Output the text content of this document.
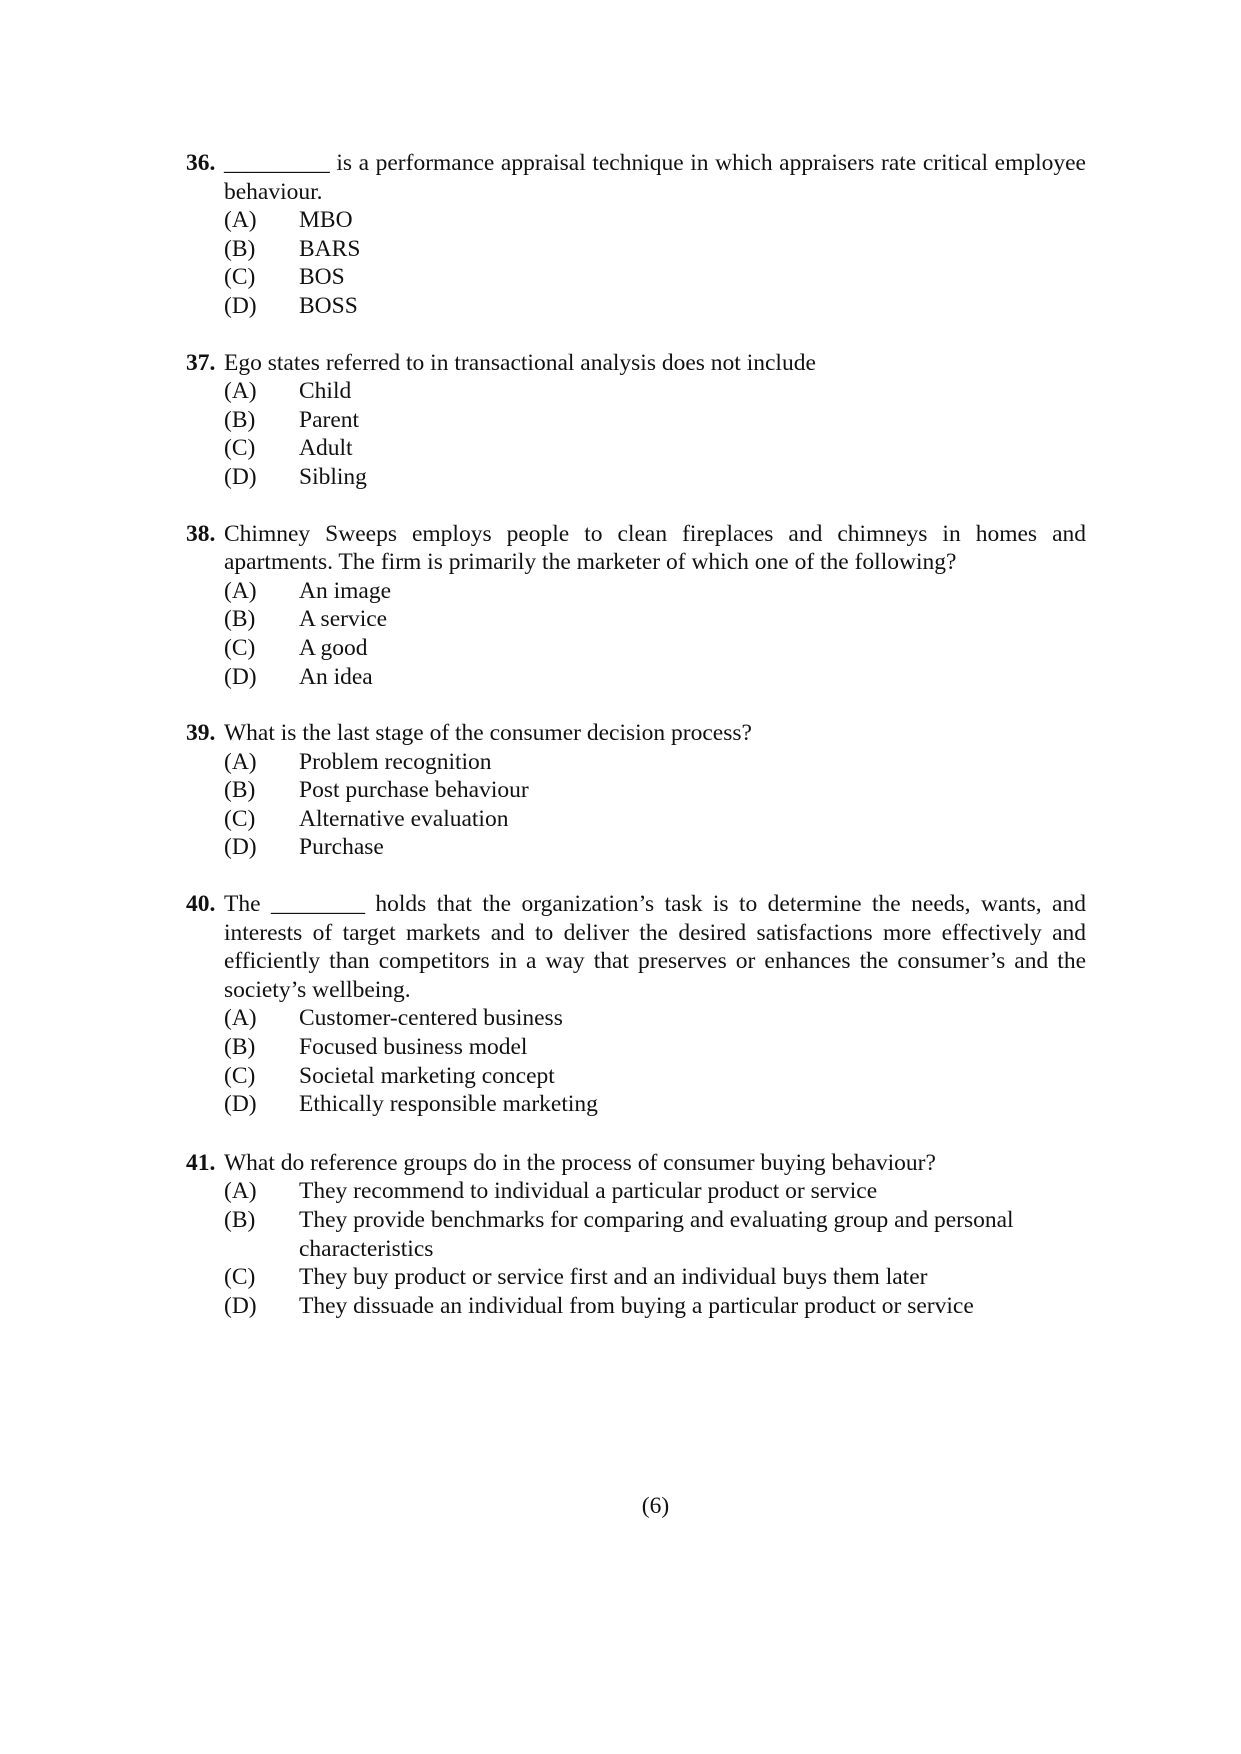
36. _________ is a performance appraisal technique in which appraisers rate critical employee behaviour.
(A)	MBO
(B)	BARS
(C)	BOS
(D)	BOSS
37. Ego states referred to in transactional analysis does not include
(A)	Child
(B)	Parent
(C)	Adult
(D)	Sibling
38. Chimney Sweeps employs people to clean fireplaces and chimneys in homes and apartments. The firm is primarily the marketer of which one of the following?
(A)	An image
(B)	A service
(C)	A good
(D)	An idea
39. What is the last stage of the consumer decision process?
(A)	Problem recognition
(B)	Post purchase behaviour
(C)	Alternative evaluation
(D)	Purchase
40. The ________ holds that the organization’s task is to determine the needs, wants, and interests of target markets and to deliver the desired satisfactions more effectively and efficiently than competitors in a way that preserves or enhances the consumer’s and the society’s wellbeing.
(A)	Customer-centered business
(B)	Focused business model
(C)	Societal marketing concept
(D)	Ethically responsible marketing
41. What do reference groups do in the process of consumer buying behaviour?
(A)	They recommend to individual a particular product or service
(B)	They provide benchmarks for comparing and evaluating group and personal characteristics
(C)	They buy product or service first and an individual buys them later
(D)	They dissuade an individual from buying a particular product or service
(6)
